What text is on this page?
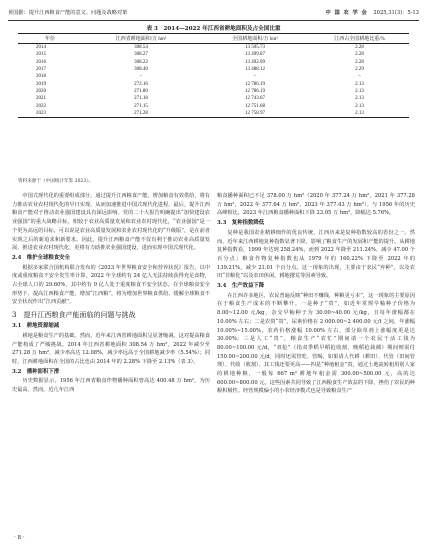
黄国勤：提升江西粮食产能的意义、问题及战略对策	中 国 农 学 会 2025,31(3)：5-13
表 3　2014—2022 年江西省耕地面积及占全国比重
年份	江西省耕地面积/万 hm²	全国耕地面积/万 hm²	江西占全国耕地比重/%
2014	308.54	13 505.73	2.28
2015	308.27	13 499.87	2.28
2016	308.22	13 492.09	2.28
2017	308.40	13 488.12	2.29
2018	–	–	–
2019	272.16	12 786.19	2.13
2020	271.80	12 786.19	2.13
2021	271.18	12 743.67	2.13
2022	271.15	12 751.68	2.13
2023	271.28	12 758.97	2.13
资料来源于《中国统计年鉴 2023》。

中国式现代化的重要组成部分。通过提升江西粮食产能，增加粮食有效供给，将有力推动农业农村现代化的早日实现，从而加速推进中国式现代化进程。最后，提升江西粮食产能对于推动农业强国建设具有深远影响。党的二十大报告明确提出“加快建设农业强国”的重大战略目标，相较于农业高质量发展和农业农村现代化，“农业强国”是一个更为高远的目标，可以说是农业高质量发展和农业农村现代化的“升级版”，是在前者实现之后的新追求和新要求。因此，提升江西粮食产能不仅有利于推动农业高质量发展、推进农业农村现代化，更将有力助推农业强国建设，进而实现中国式现代化。

2.4　维护全球粮食安全

根据多家联合国机构联合发布的《2023 年世界粮食安全和营养状况》报告，以中度或重度粮食不安全发生率计算，2022 年全球约有 24 亿人无法持续获得充足食物，占全球人口的 29.60%，其中约有 9 亿人处于重度粮食不安全状态。在全球粮食安全形势下，提高江西粮食产能，增加“江西粮”，将为增加世界粮食供给、缓解全球粮食不安全状况作出“江西贡献”。

3　提升江西粮食产能面临的问题与挑战
3.1　耕地资源缩减

耕地是粮食生产的基础。然而，近年来江西省耕地面积呈显著缩减，这对提高粮食产能构成了严峻挑战。2014 年江西省耕地面积 308.54 万 hm²，2022 年减少至 271.28 万 hm²，减少率高达 12.08%，减少率远高于全国耕地减少率（5.54%）；同时，江西耕地面积在全国的占比也由 2014 年的 2.28% 下降至 2.13%（表 3）。

3.2　播种面积下滑

历史数据显示，1956 年江西省粮食作物播种面积曾高达 400.48 万 hm²，为历史最高。然而，近几年江西

粮食播种面积已不足 378.00 万 hm²（2020 年 377.24 万 hm²，2021 年 377.28 万 hm²，2022 年 377.64 万 hm²，2023 年 377.43 万 hm²）。与 1956 年的历史高峰相比，2023 年江西粮食播种面积下降 23.05 万 hm²，降幅达 5.76%。

3.3　复种指数降低

复种是我国农业精耕细作的优良传统，江西历来是复种指数较高的省份之一。然而，近年来江西耕地复种指数显著下降，影响了粮食生产的发展和产能的提升。从耕地复种指数看，1999 年达到 258.24%，而到 2022 年降至 211.24%，减少 47.00 个百分点；粮食作物复种指数也从 1979 年的 160.22% 下降至 2022 年的 139.21%，减少 21.01 个百分点。这一现象的出现，主要由于农民“弃种”，以及农田“非粮化”以及农田休闲，耕地撂荒等因素导致。

3.4　生产效益下降

在江西许多地区，农民普遍反映“种田不赚钱，种粮更亏本”，这一现象的主要原因在于粮食生产成本的不断攀升。一是种子“贵”，如近年常规早籼种子价格为 8.00~12.00 元/kg，杂交早籼种子为 30.00~40.00 元/kg，且每年涨幅都在 10.00% 左右；二是农资“贵”，尿素价格在 2 000.00~2 400.00 元/t 之间，年涨幅 10.00%~15.00%，农药价格涨幅 10.00% 左右，部分除草剂上涨幅度更是达 30.00%；三是人工“贵”，粮食生产“农忙”期间请一个农民干活工钱为 80.00~100.00 元/d，“双抢”（指双季稻早稻抢收割、晚稻抢栽插）期间则需付 150.00~200.00 元/d，同时还需管吃、管喝，如果请人代耕（耕田）、代管（田间管理）、代收（收割），其工钱还要更高——四是“种地租金”贵，通过土地流转租用别人家的耕地种粮，一般每 667 m² 耕地年租金需 300.00~500.00 元，高的达 600.00~800.00 元。这些因素共同导致了江西粮食生产效益的下降，挫伤了农民的种粮积极性。经营规模偏小的小农经济模式也是导致粮食生产

· 8 ·
